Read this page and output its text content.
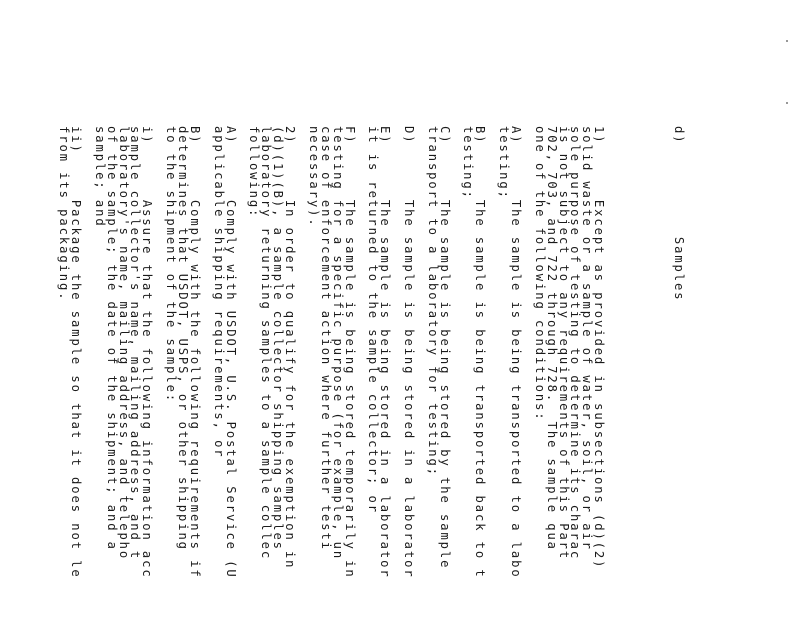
d)          Samples

1)      Except as provided in subsections (d)(2)
solid waste or a sample of water, soil, or air
sole purpose of testing to determine its charac
is not subject to any requirements of this Part
702, 703, and 722 through 728.  The sample qua
one of the following conditions:
A)      The sample is being transported to a labo
testing;
B)      The sample is being transported back to t
testing;
C)      The sample is being stored by the sample
transport to a laboratory for testing;
D)      The sample is being stored in a laborator
E)      The sample is being stored in a laborator
it is returned to the sample collector; or
F)      The sample is being stored temporarily in
testing for a specific purpose (for example, un
case of enforcement action where further testi
necessary).
2)      In order to qualify for the exemption in
(d)(1)(B), a sample collector shipping samples
laboratory returning samples to a sample collec
following:
A)      Comply with USDOT, U.S. Postal Service (U
applicable shipping requirements, or
B)      Comply with the following requirements if
determines that USDOT, USPS, or other shipping
to the shipment of the sample:
i)      Assure that the following information acc
sample collector's name, mailing address, and t
laboratory's name, mailing address, and telepho
of the sample; the date of the shipment; and a
sample; and
ii)     Package the sample so that it does not le
from its packaging.
